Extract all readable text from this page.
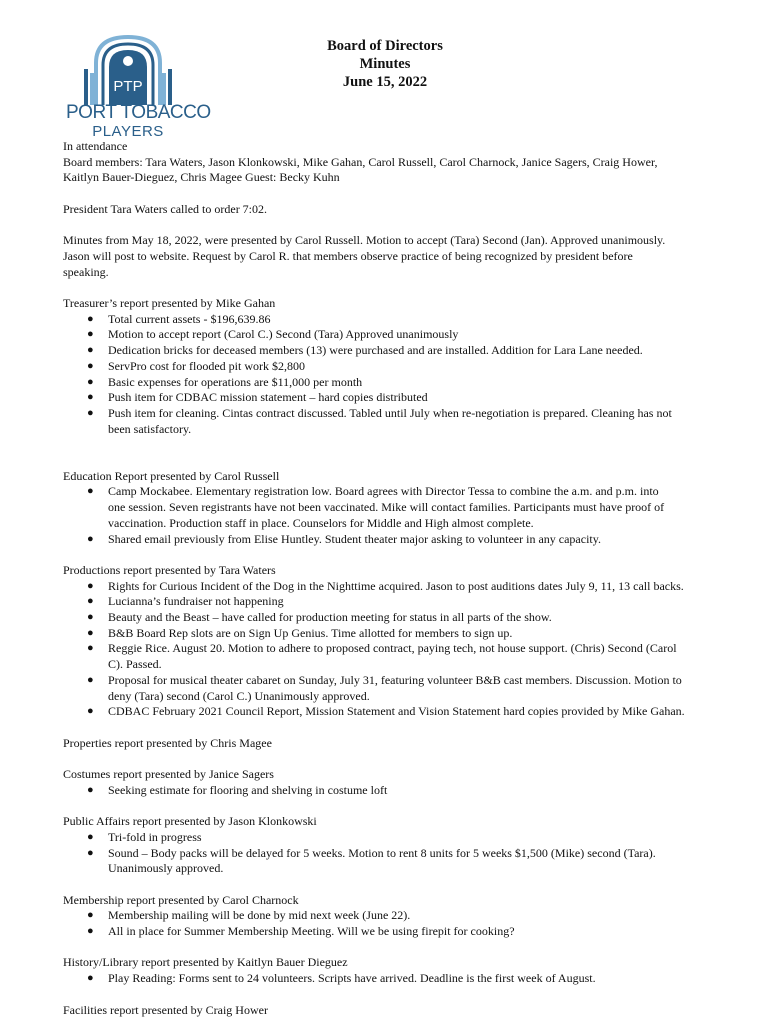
PTP
PORT TOBACCO
PLAYERS
Board of Directors
Minutes
June 15, 2022

In attendance

Board members: Tara Waters, Jason Klonkowski, Mike Gahan, Carol Russell, Carol Charnock, Janice Sagers, Craig Hower,

Kaitlyn Bauer-Dieguez, Chris Magee Guest: Becky Kuhn

President Tara Waters called to order 7:02.

Minutes from May 18, 2022, were presented by Carol Russell. Motion to accept (Tara) Second (Jan). Approved unanimously.

Jason will post to website. Request by Carol R. that members observe practice of being recognized by president before

speaking.

Treasurer’s report presented by Mike Gahan

● Total current assets - $196,639.86
● Motion to accept report (Carol C.) Second (Tara) Approved unanimously
● Dedication bricks for deceased members (13) were purchased and are installed. Addition for Lara Lane needed.
● ServPro cost for flooded pit work $2,800
● Basic expenses for operations are $11,000 per month
● Push item for CDBAC mission statement – hard copies distributed
● Push item for cleaning. Cintas contract discussed. Tabled until July when re-negotiation is prepared. Cleaning has not
been satisfactory.

Education Report presented by Carol Russell

● Camp Mockabee. Elementary registration low. Board agrees with Director Tessa to combine the a.m. and p.m. into
one session. Seven registrants have not been vaccinated. Mike will contact families. Participants must have proof of
vaccination. Production staff in place. Counselors for Middle and High almost complete.
● Shared email previously from Elise Huntley. Student theater major asking to volunteer in any capacity.

Productions report presented by Tara Waters

● Rights for Curious Incident of the Dog in the Nighttime acquired. Jason to post auditions dates July 9, 11, 13 call backs.
● Lucianna’s fundraiser not happening
● Beauty and the Beast – have called for production meeting for status in all parts of the show.
● B&B Board Rep slots are on Sign Up Genius. Time allotted for members to sign up.
● Reggie Rice. August 20. Motion to adhere to proposed contract, paying tech, not house support. (Chris) Second (Carol
C). Passed.
● Proposal for musical theater cabaret on Sunday, July 31, featuring volunteer B&B cast members. Discussion. Motion to
deny (Tara) second (Carol C.) Unanimously approved.
● CDBAC February 2021 Council Report, Mission Statement and Vision Statement hard copies provided by Mike Gahan.

Properties report presented by Chris Magee

Costumes report presented by Janice Sagers

● Seeking estimate for flooring and shelving in costume loft

Public Affairs report presented by Jason Klonkowski

● Tri-fold in progress
● Sound – Body packs will be delayed for 5 weeks. Motion to rent 8 units for 5 weeks $1,500 (Mike) second (Tara).
Unanimously approved.

Membership report presented by Carol Charnock

● Membership mailing will be done by mid next week (June 22).
● All in place for Summer Membership Meeting. Will we be using firepit for cooking?

History/Library report presented by Kaitlyn Bauer Dieguez

● Play Reading: Forms sent to 24 volunteers. Scripts have arrived. Deadline is the first week of August.

Facilities report presented by Craig Hower
